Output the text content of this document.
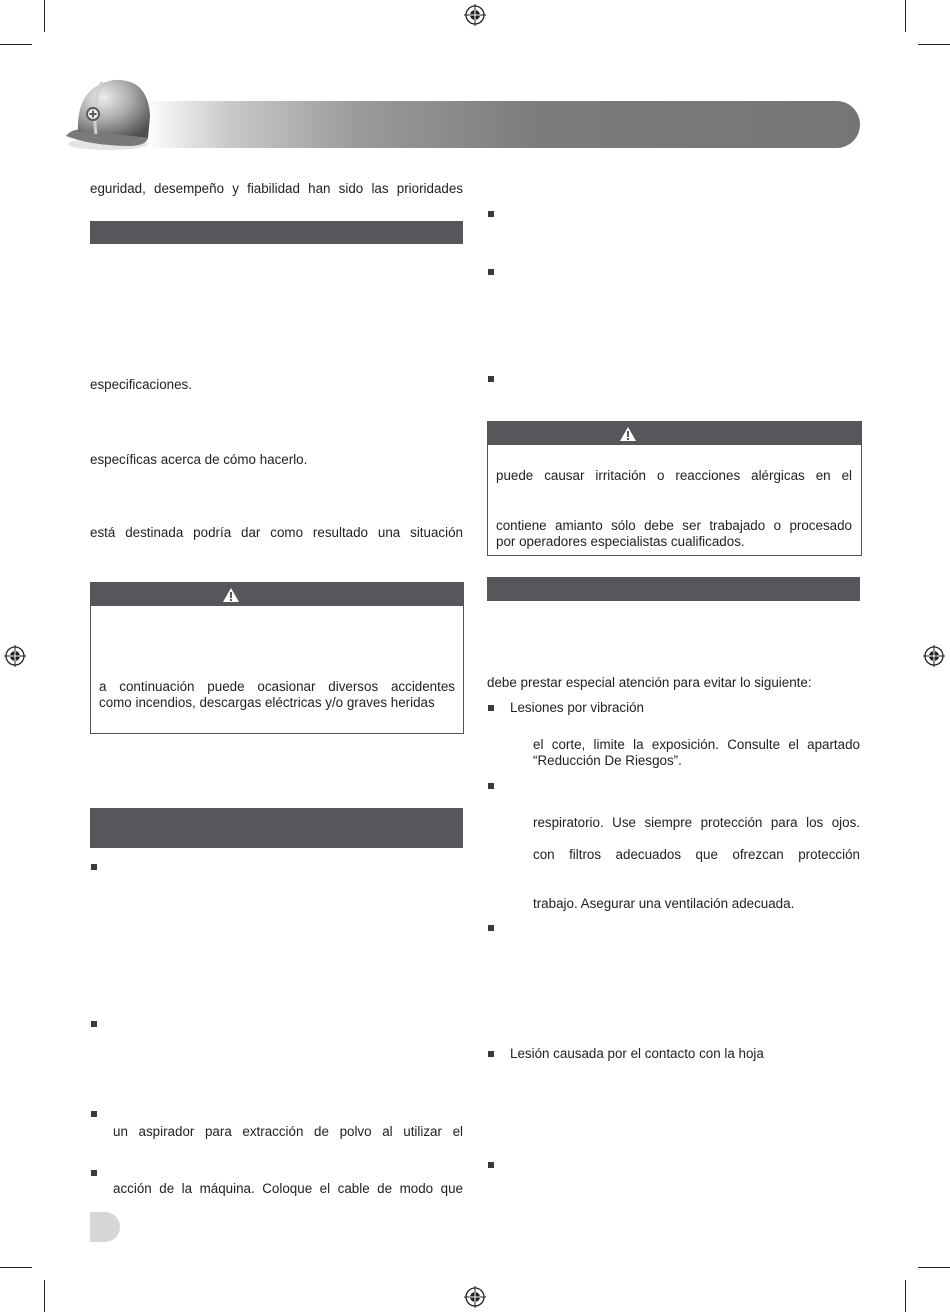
eguridad, desempeño y fiabilidad han sido las prioridades
especificaciones.
específicas acerca de cómo hacerlo.
está destinada podría dar como resultado una situación
a continuación puede ocasionar diversos accidentes
como incendios, descargas eléctricas y/o graves heridas
un aspirador para extracción de polvo al utilizar el
acción de la máquina. Coloque el cable de modo que
puede causar irritación o reacciones alérgicas en el
contiene amianto sólo debe ser trabajado o procesado
por operadores especialistas cualificados.
debe prestar especial atención para evitar lo siguiente:
Lesiones por vibración
el corte, limite la exposición. Consulte el apartado
“Reducción De Riesgos”.
respiratorio. Use siempre protección para los ojos.
con filtros adecuados que ofrezcan protección
trabajo. Asegurar una ventilación adecuada.
Lesión causada por el contacto con la hoja
